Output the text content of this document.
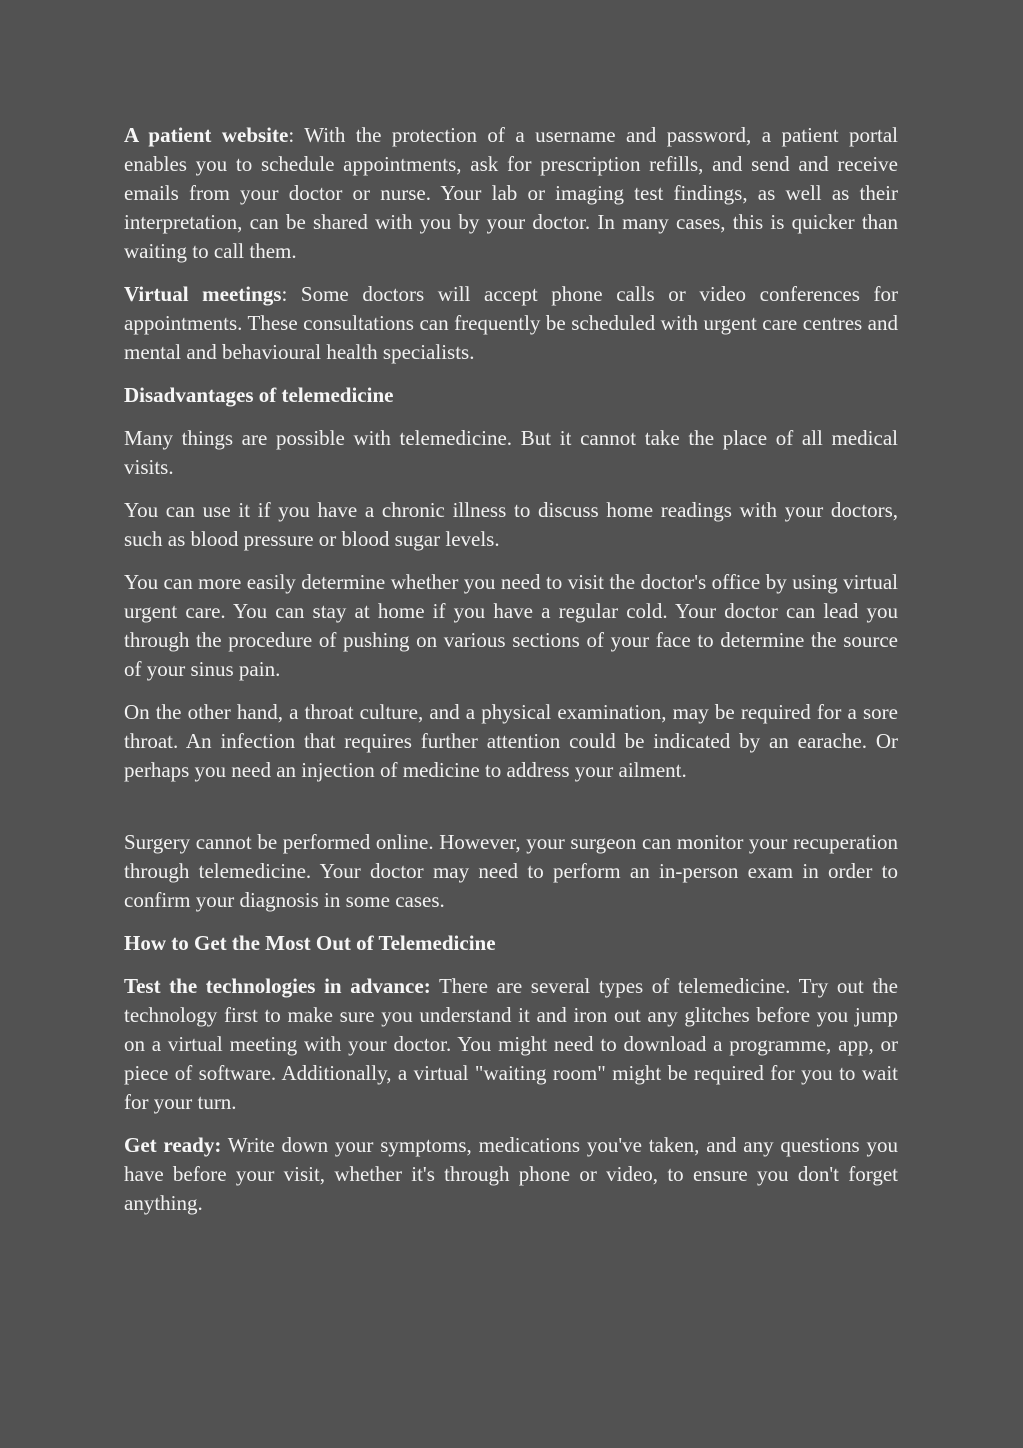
A patient website: With the protection of a username and password, a patient portal enables you to schedule appointments, ask for prescription refills, and send and receive emails from your doctor or nurse. Your lab or imaging test findings, as well as their interpretation, can be shared with you by your doctor. In many cases, this is quicker than waiting to call them.

Virtual meetings: Some doctors will accept phone calls or video conferences for appointments. These consultations can frequently be scheduled with urgent care centres and mental and behavioural health specialists.

Disadvantages of telemedicine

Many things are possible with telemedicine. But it cannot take the place of all medical visits.

You can use it if you have a chronic illness to discuss home readings with your doctors, such as blood pressure or blood sugar levels.

You can more easily determine whether you need to visit the doctor's office by using virtual urgent care. You can stay at home if you have a regular cold. Your doctor can lead you through the procedure of pushing on various sections of your face to determine the source of your sinus pain.

On the other hand, a throat culture, and a physical examination, may be required for a sore throat. An infection that requires further attention could be indicated by an earache. Or perhaps you need an injection of medicine to address your ailment.

Surgery cannot be performed online. However, your surgeon can monitor your recuperation through telemedicine. Your doctor may need to perform an in-person exam in order to confirm your diagnosis in some cases.

How to Get the Most Out of Telemedicine

Test the technologies in advance: There are several types of telemedicine. Try out the technology first to make sure you understand it and iron out any glitches before you jump on a virtual meeting with your doctor. You might need to download a programme, app, or piece of software. Additionally, a virtual "waiting room" might be required for you to wait for your turn.

Get ready: Write down your symptoms, medications you've taken, and any questions you have before your visit, whether it's through phone or video, to ensure you don't forget anything.
